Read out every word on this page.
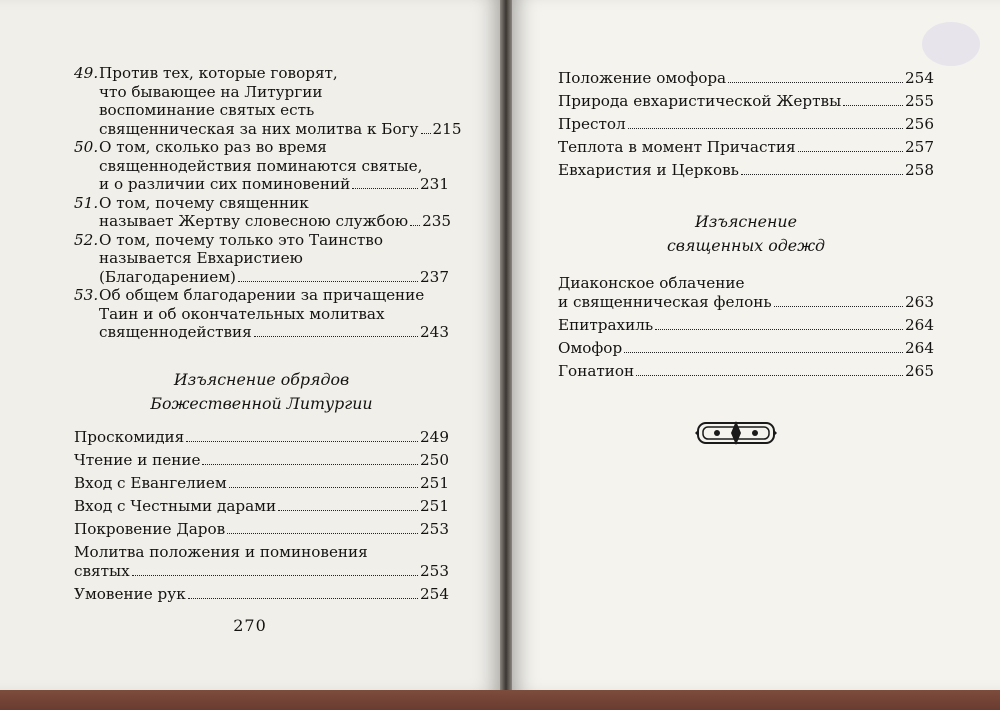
49. Против тех, которые говорят,
что бывающее на Литургии
воспоминание святых есть
священническая за них молитва к Богу 215
50. О том, сколько раз во время
священнодействия поминаются святые,
и о различии сих поминовений	231
51. О том, почему священник
называет Жертву словесною службою 235
52. О том, почему только это Таинство
называется Евхаристиею
(Благодарением)	237
53. Об общем благодарении за причащение
Таин и об окончательных молитвах
священнодействия	243
Изъяснение обрядов
Божественной Литургии
Проскомидия	249
Чтение и пение	250
Вход с Евангелием	251
Вход с Честными дарами	251
Покровение Даров	253
Молитва положения и поминовения
святых	253
Умовение рук	254
270
Положение омофора	254
Природа евхаристической Жертвы	255
Престол	256
Теплота в момент Причастия	257
Евхаристия и Церковь	258
Изъяснение
священных одежд
Диаконское облачение
и священническая фелонь	263
Епитрахиль	264
Омофор	264
Гонатион	265
